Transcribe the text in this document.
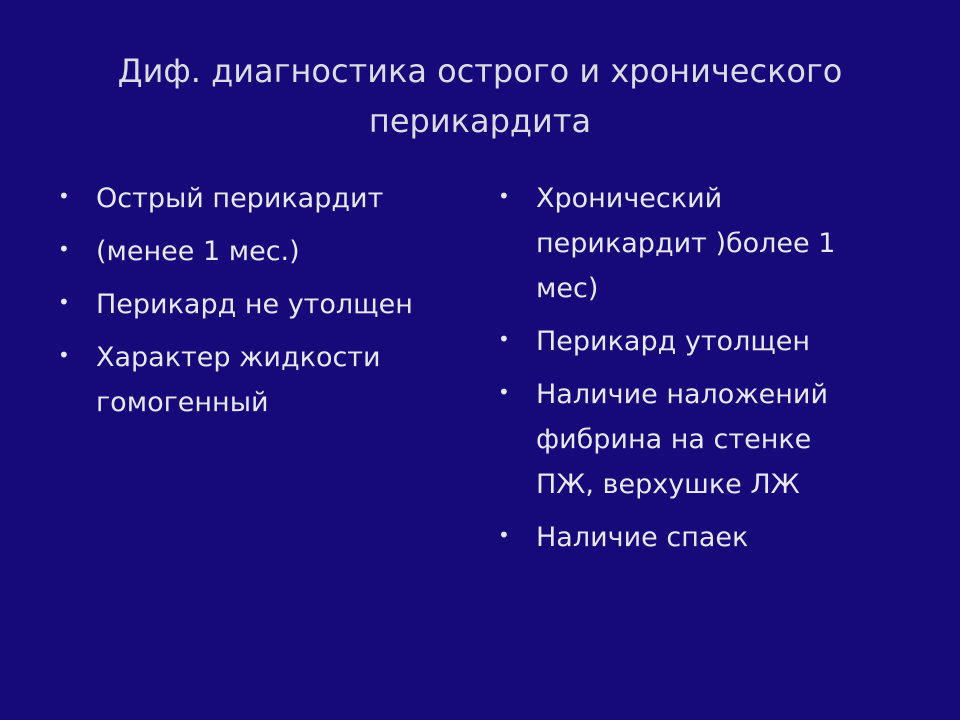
Диф. диагностика острого и хронического
перикардита
• Острый перикардит
• (менее 1 мес.)
• Перикард не утолщен
• Характер жидкости
гомогенный
• Хронический
перикардит )более 1
мес)
• Перикард утолщен
• Наличие наложений
фибрина на стенке
ПЖ, верхушке ЛЖ
• Наличие спаек
